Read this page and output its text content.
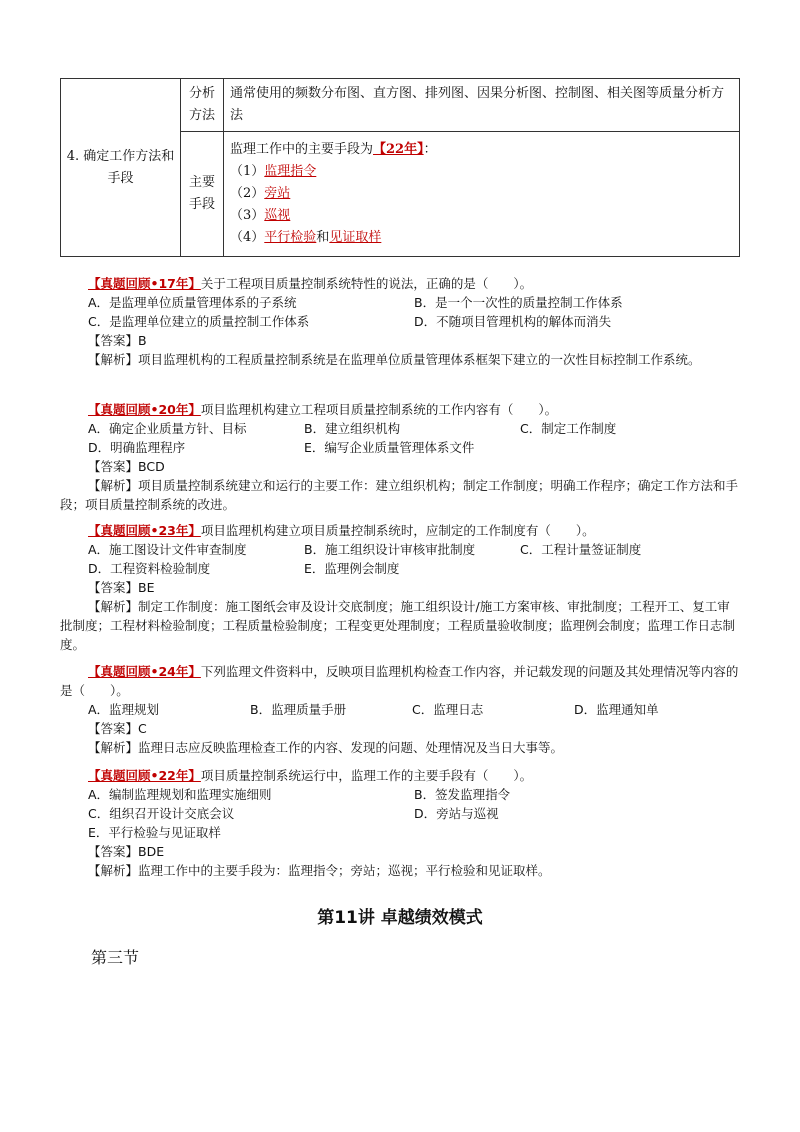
4. 确定工作方法和手段	分析方法	通常使用的频数分布图、直方图、排列图、因果分析图、控制图、相关图等质量分析方法
	主要手段	监理工作中的主要手段为【22年】：
（1）监理指令
（2）旁站
（3）巡视
（4）平行检验和见证取样
【真题回顾•17年】关于工程项目质量控制系统特性的说法，正确的是（　　）。
A．是监理单位质量管理体系的子系统	B．是一个一次性的质量控制工作体系
C．是监理单位建立的质量控制工作体系	D．不随项目管理机构的解体而消失
【答案】B
【解析】项目监理机构的工程质量控制系统是在监理单位质量管理体系框架下建立的一次性目标控制工作系统。
【真题回顾•20年】项目监理机构建立工程项目质量控制系统的工作内容有（　　）。
A．确定企业质量方针、目标	B．建立组织机构	C．制定工作制度
D．明确监理程序	E．编写企业质量管理体系文件
【答案】BCD
【解析】项目质量控制系统建立和运行的主要工作：建立组织机构；制定工作制度；明确工作程序；确定工作方法和手段；项目质量控制系统的改进。
【真题回顾•23年】项目监理机构建立项目质量控制系统时，应制定的工作制度有（　　）。
A．施工图设计文件审查制度	B．施工组织设计审核审批制度	C．工程计量签证制度
D．工程资料检验制度	E．监理例会制度
【答案】BE
【解析】制定工作制度：施工图纸会审及设计交底制度；施工组织设计/施工方案审核、审批制度；工程开工、复工审批制度；工程材料检验制度；工程质量检验制度；工程变更处理制度；工程质量验收制度；监理例会制度；监理工作日志制度。
【真题回顾•24年】下列监理文件资料中，反映项目监理机构检查工作内容，并记载发现的问题及其处理情况等内容的是（　　）。
A．监理规划	B．监理质量手册	C．监理日志	D．监理通知单
【答案】C
【解析】监理日志应反映监理检查工作的内容、发现的问题、处理情况及当日大事等。
【真题回顾•22年】项目质量控制系统运行中，监理工作的主要手段有（　　）。
A．编制监理规划和监理实施细则	B．签发监理指令
C．组织召开设计交底会议	D．旁站与巡视
E．平行检验与见证取样
【答案】BDE
【解析】监理工作中的主要手段为：监理指令；旁站；巡视；平行检验和见证取样。
第11讲 卓越绩效模式
第三节
